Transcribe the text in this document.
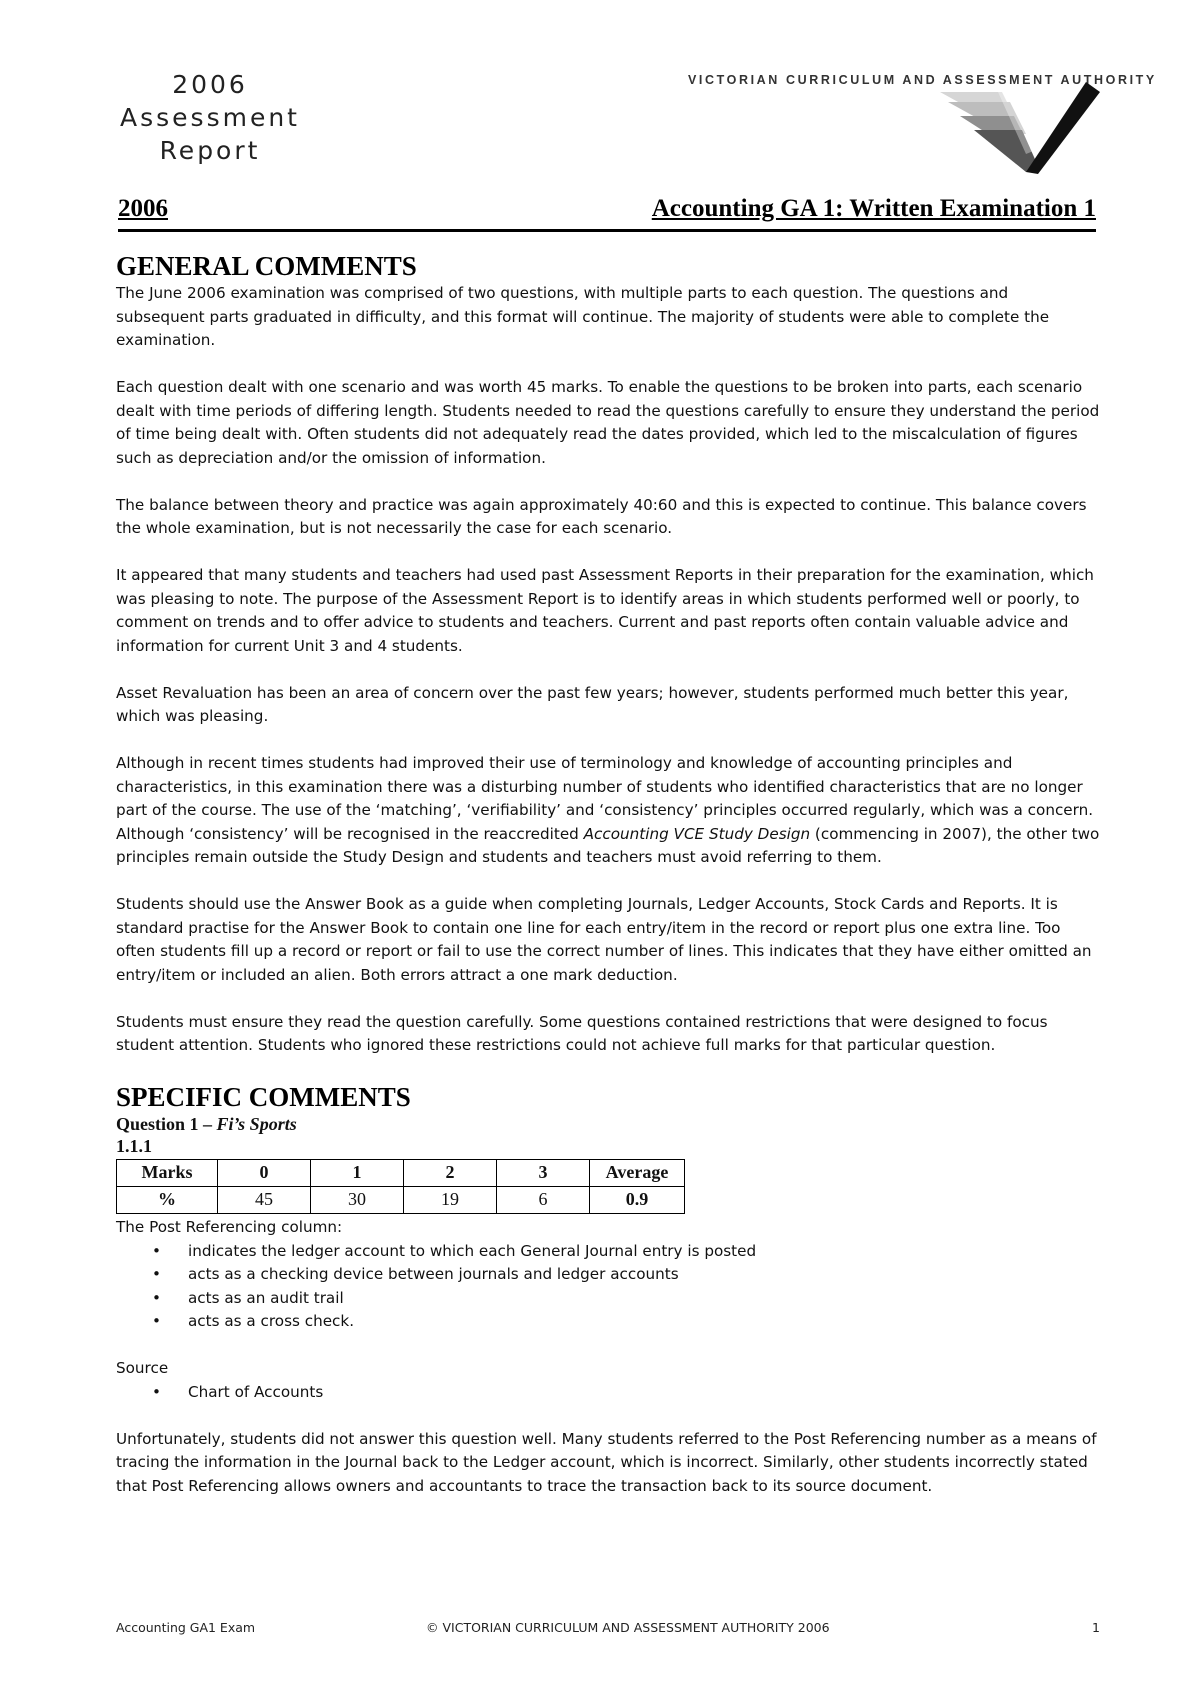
2006
Assessment
Report
VICTORIAN CURRICULUM AND ASSESSMENT AUTHORITY
2006	Accounting GA 1: Written Examination 1
GENERAL COMMENTS

The June 2006 examination was comprised of two questions, with multiple parts to each question. The questions and subsequent parts graduated in difficulty, and this format will continue. The majority of students were able to complete the examination.

Each question dealt with one scenario and was worth 45 marks. To enable the questions to be broken into parts, each scenario dealt with time periods of differing length. Students needed to read the questions carefully to ensure they understand the period of time being dealt with. Often students did not adequately read the dates provided, which led to the miscalculation of figures such as depreciation and/or the omission of information.

The balance between theory and practice was again approximately 40:60 and this is expected to continue. This balance covers the whole examination, but is not necessarily the case for each scenario.

It appeared that many students and teachers had used past Assessment Reports in their preparation for the examination, which was pleasing to note. The purpose of the Assessment Report is to identify areas in which students performed well or poorly, to comment on trends and to offer advice to students and teachers. Current and past reports often contain valuable advice and information for current Unit 3 and 4 students.

Asset Revaluation has been an area of concern over the past few years; however, students performed much better this year, which was pleasing.

Although in recent times students had improved their use of terminology and knowledge of accounting principles and characteristics, in this examination there was a disturbing number of students who identified characteristics that are no longer part of the course. The use of the ‘matching’, ‘verifiability’ and ‘consistency’ principles occurred regularly, which was a concern. Although ‘consistency’ will be recognised in the reaccredited Accounting VCE Study Design (commencing in 2007), the other two principles remain outside the Study Design and students and teachers must avoid referring to them.

Students should use the Answer Book as a guide when completing Journals, Ledger Accounts, Stock Cards and Reports. It is standard practise for the Answer Book to contain one line for each entry/item in the record or report plus one extra line. Too often students fill up a record or report or fail to use the correct number of lines. This indicates that they have either omitted an entry/item or included an alien. Both errors attract a one mark deduction.

Students must ensure they read the question carefully. Some questions contained restrictions that were designed to focus student attention. Students who ignored these restrictions could not achieve full marks for that particular question.

SPECIFIC COMMENTS
Question 1 – Fi’s Sports
1.1.1
Marks	0	1	2	3	Average
%	45	30	19	6	0.9
The Post Referencing column:
• indicates the ledger account to which each General Journal entry is posted
• acts as a checking device between journals and ledger accounts
• acts as an audit trail
• acts as a cross check.
Source
• Chart of Accounts

Unfortunately, students did not answer this question well. Many students referred to the Post Referencing number as a means of tracing the information in the Journal back to the Ledger account, which is incorrect. Similarly, other students incorrectly stated that Post Referencing allows owners and accountants to trace the transaction back to its source document.

Accounting GA1 Exam	© VICTORIAN CURRICULUM AND ASSESSMENT AUTHORITY 2006	1
